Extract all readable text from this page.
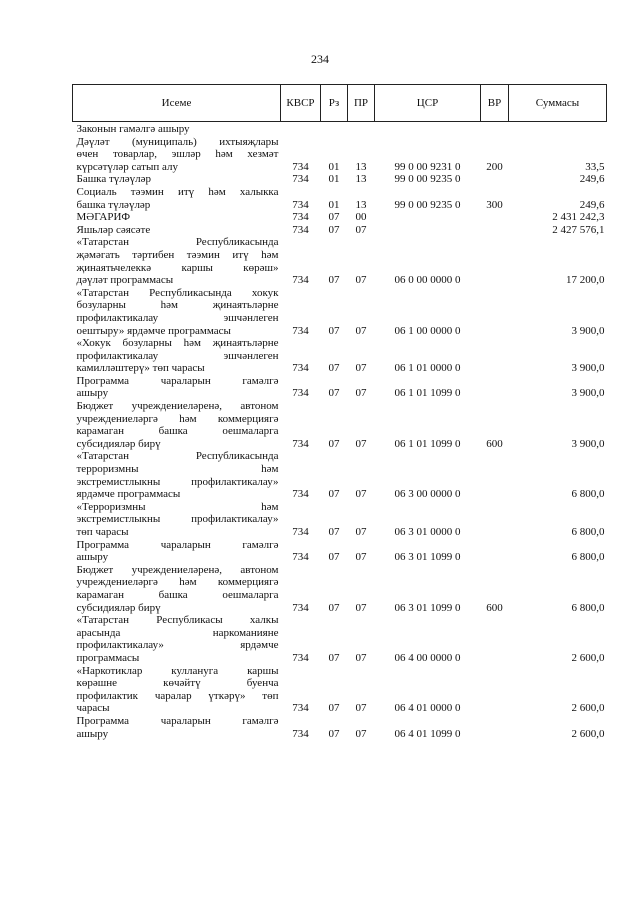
234
Исеме	КВСР	Рз	ПР	ЦСР	ВР	Суммасы

Законын гамәлгә ашыру						

Дәүләт (муниципаль) ихтыяҗлары
өчен товарлар, эшләр һәм хезмәт
күрсәтүләр сатып алу	734	01	13	99 0 00 9231 0	200	33,5

Башка түләүләр	734	01	13	99 0 00 9235 0		249,6

Социаль тәэмин итү һәм халыкка
башка түләүләр	734	01	13	99 0 00 9235 0	300	249,6

МӘГАРИФ	734	07	00			2 431 242,3

Яшьләр сәясәте	734	07	07			2 427 576,1

«Татарстан Республикасында
җәмәгать тәртибен тәэмин итү һәм
җинаятьчелеккә каршы көрәш»
дәүләт программасы	734	07	07	06 0 00 0000 0		17 200,0

«Татарстан Республикасында хокук
бозуларны һәм җинаятьләрне
профилактикалау эшчәнлеген
оештыру» ярдәмче программасы	734	07	07	06 1 00 0000 0		3 900,0

«Хокук бозуларны һәм җинаятьләрне
профилактикалау эшчәнлеген
камилләштерү» төп чарасы	734	07	07	06 1 01 0000 0		3 900,0

Программа чараларын гамәлгә
ашыру	734	07	07	06 1 01 1099 0		3 900,0

Бюджет учреждениеләренә, автоном
учреждениеләргә һәм коммерциягә
карамаган башка оешмаларга
субсидияләр бирү	734	07	07	06 1 01 1099 0	600	3 900,0

«Татарстан Республикасында
терроризмны һәм
экстремистлыкны профилактикалау»
ярдәмче программасы	734	07	07	06 3 00 0000 0		6 800,0

«Терроризмны һәм
экстремистлыкны профилактикалау»
төп чарасы	734	07	07	06 3 01 0000 0		6 800,0

Программа чараларын гамәлгә
ашыру	734	07	07	06 3 01 1099 0		6 800,0

Бюджет учреждениеләренә, автоном
учреждениеләргә һәм коммерциягә
карамаган башка оешмаларга
субсидияләр бирү	734	07	07	06 3 01 1099 0	600	6 800,0

«Татарстан Республикасы халкы
арасында наркоманияне
профилактикалау» ярдәмче
программасы	734	07	07	06 4 00 0000 0		2 600,0

«Наркотиклар куллануга каршы
көрәшне көчәйтү буенча
профилактик чаралар үткәрү» төп
чарасы	734	07	07	06 4 01 0000 0		2 600,0

Программа чараларын гамәлгә
ашыру	734	07	07	06 4 01 1099 0		2 600,0
